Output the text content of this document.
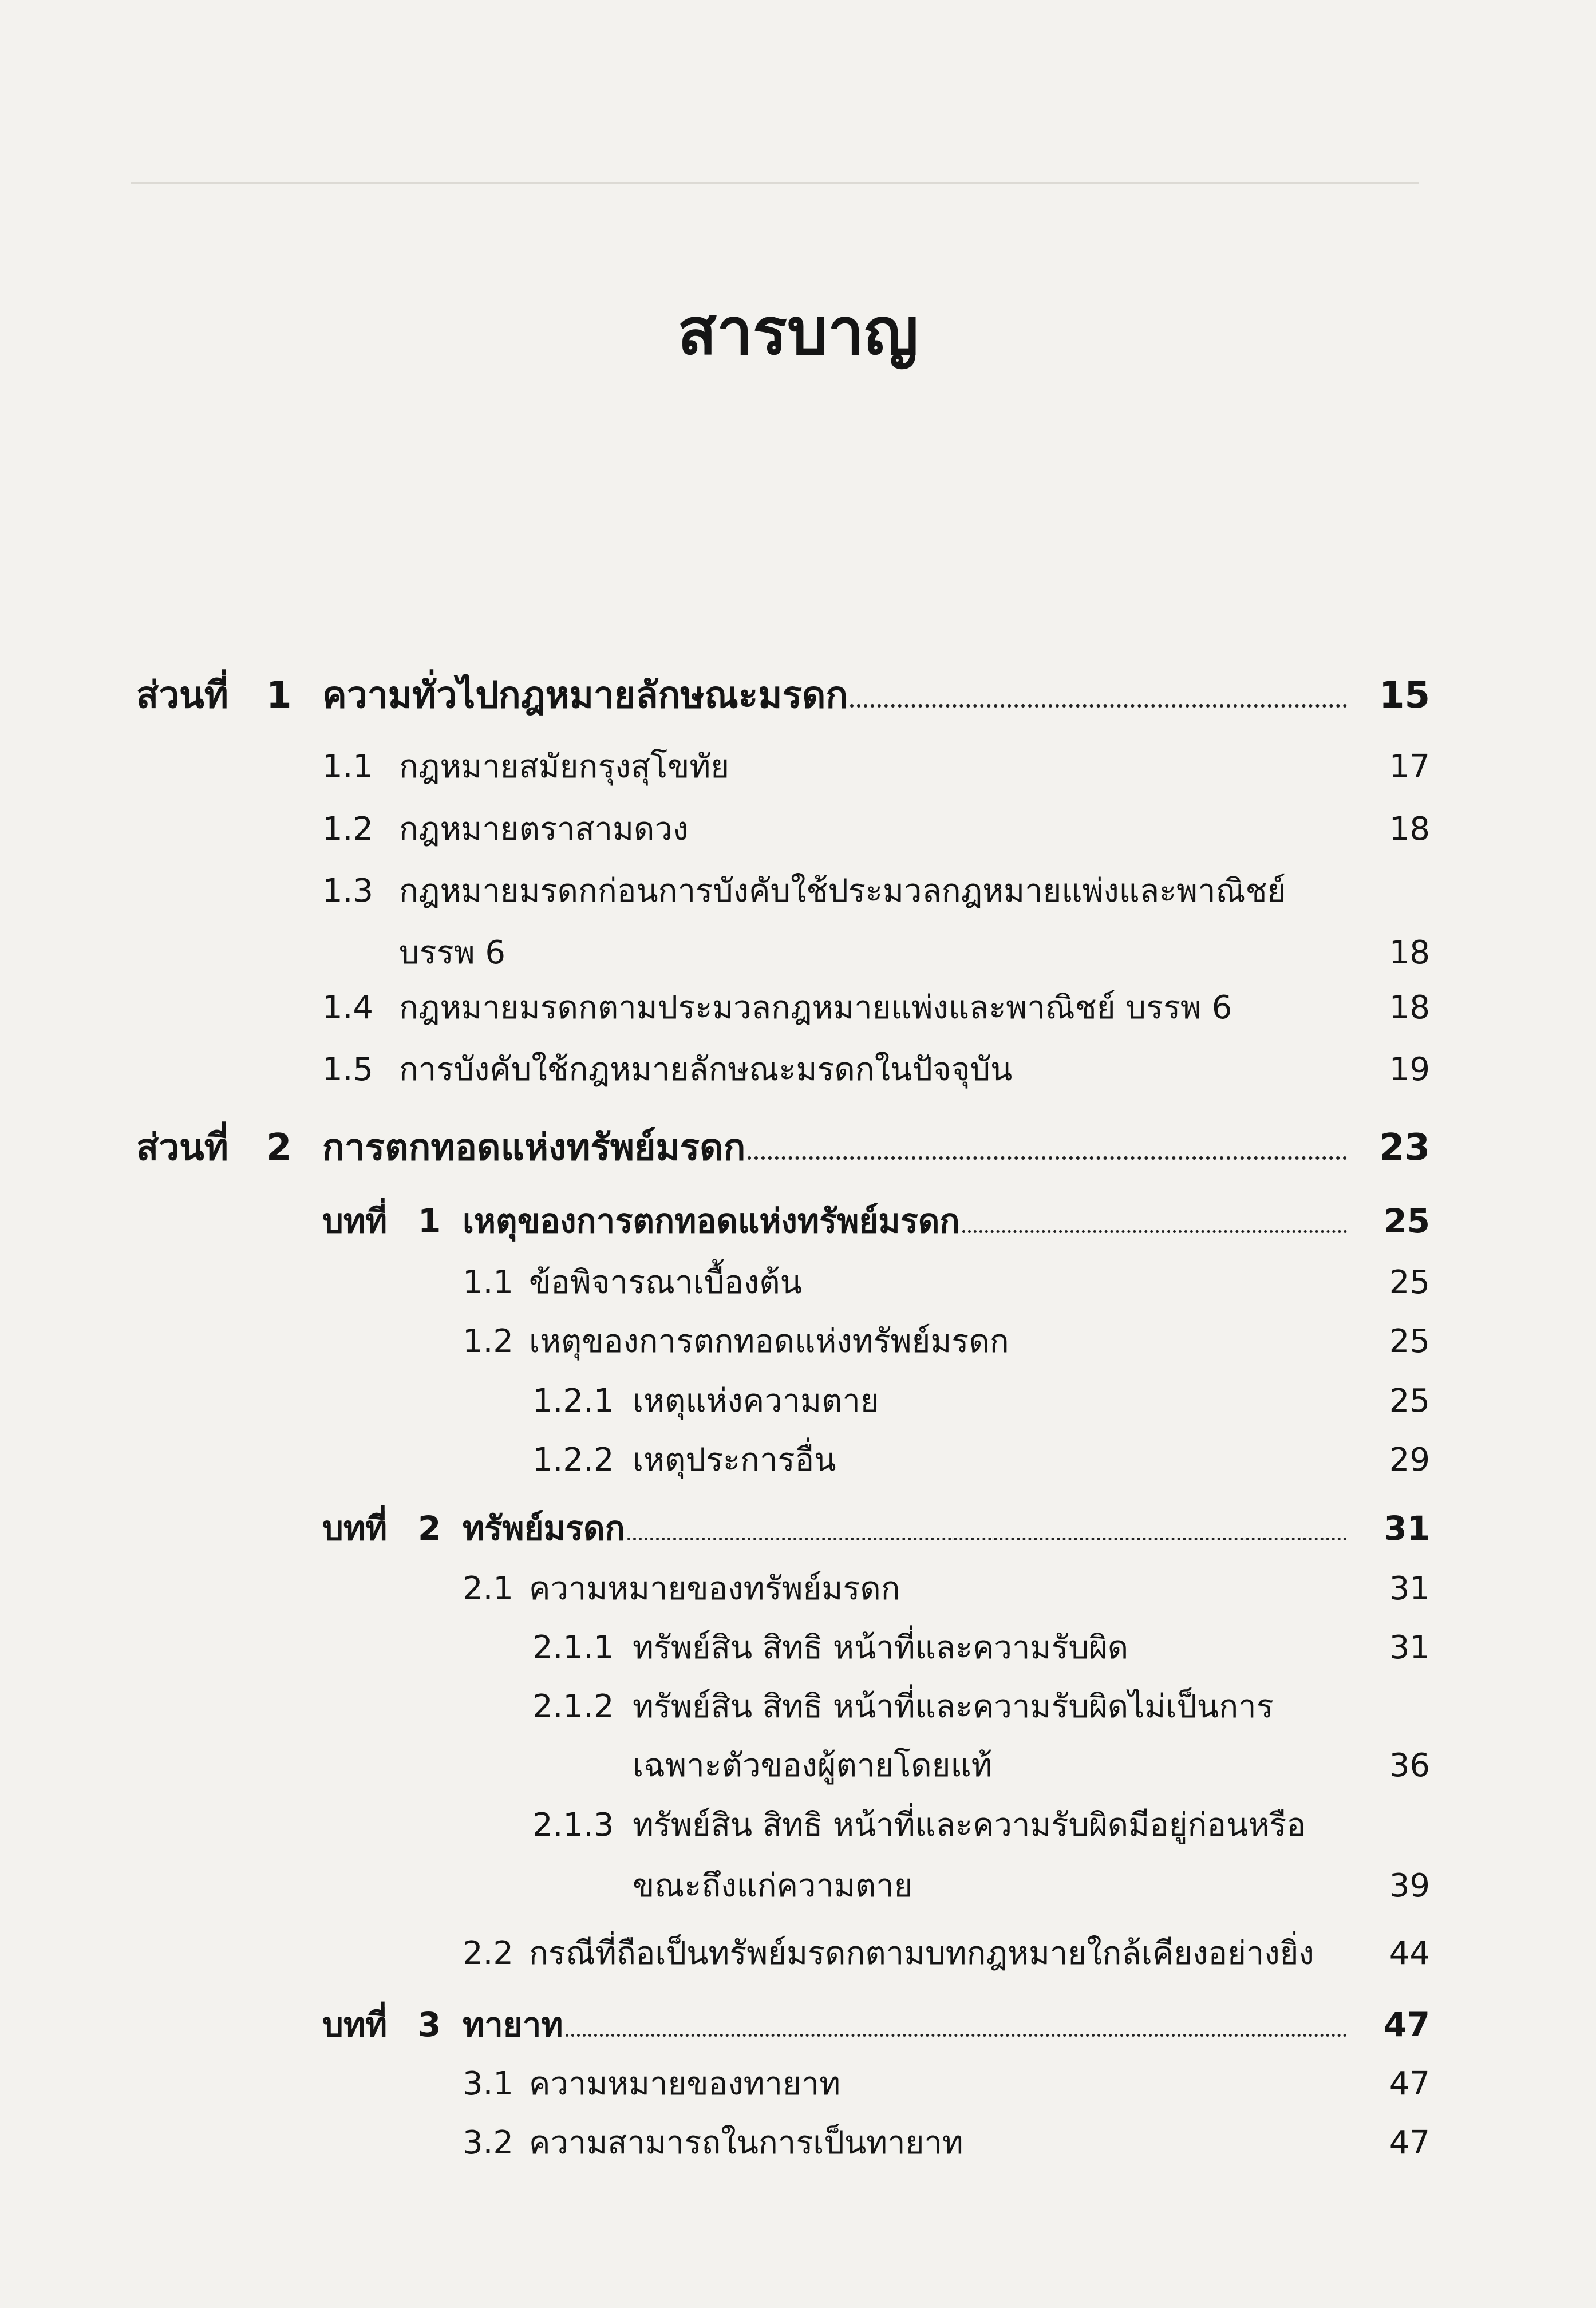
สารบาญ
ส่วนที่ 1 ความทั่วไปกฎหมายลักษณะมรดก	15
1.1 กฎหมายสมัยกรุงสุโขทัย	17
1.2 กฎหมายตราสามดวง	18
1.3 กฎหมายมรดกก่อนการบังคับใช้ประมวลกฎหมายแพ่งและพาณิชย์
บรรพ 6	18
1.4 กฎหมายมรดกตามประมวลกฎหมายแพ่งและพาณิชย์ บรรพ 6	18
1.5 การบังคับใช้กฎหมายลักษณะมรดกในปัจจุบัน	19
ส่วนที่ 2 การตกทอดแห่งทรัพย์มรดก	23
บทที่ 1 เหตุของการตกทอดแห่งทรัพย์มรดก	25
1.1 ข้อพิจารณาเบื้องต้น	25
1.2 เหตุของการตกทอดแห่งทรัพย์มรดก	25
1.2.1 เหตุแห่งความตาย	25
1.2.2 เหตุประการอื่น	29
บทที่ 2 ทรัพย์มรดก	31
2.1 ความหมายของทรัพย์มรดก	31
2.1.1 ทรัพย์สิน สิทธิ หน้าที่และความรับผิด	31
2.1.2 ทรัพย์สิน สิทธิ หน้าที่และความรับผิดไม่เป็นการ
เฉพาะตัวของผู้ตายโดยแท้	36
2.1.3 ทรัพย์สิน สิทธิ หน้าที่และความรับผิดมีอยู่ก่อนหรือ
ขณะถึงแก่ความตาย	39
2.2 กรณีที่ถือเป็นทรัพย์มรดกตามบทกฎหมายใกล้เคียงอย่างยิ่ง 44
บทที่ 3 ทายาท	47
3.1 ความหมายของทายาท	47
3.2 ความสามารถในการเป็นทายาท	47
